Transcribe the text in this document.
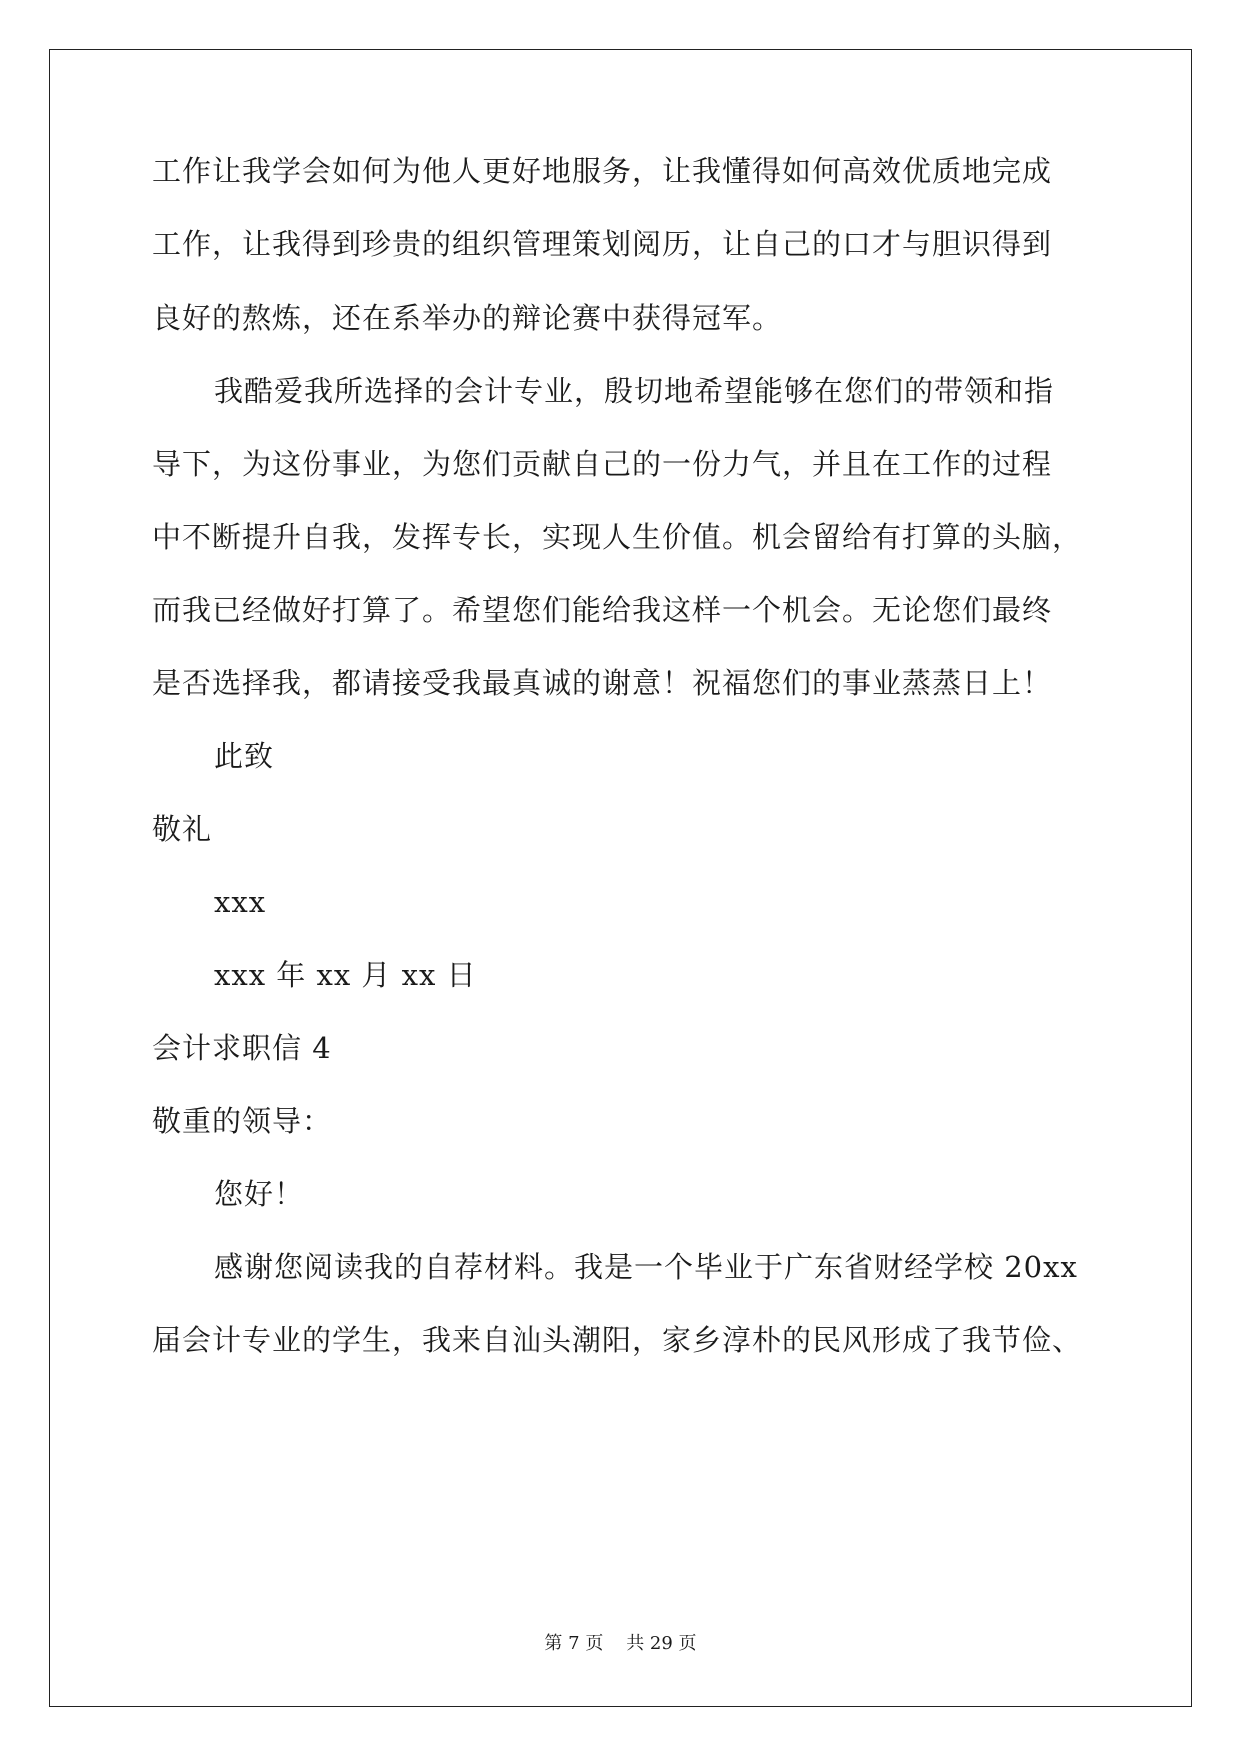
工作让我学会如何为他人更好地服务，让我懂得如何高效优质地完成
工作，让我得到珍贵的组织管理策划阅历，让自己的口才与胆识得到
良好的熬炼，还在系举办的辩论赛中获得冠军。
我酷爱我所选择的会计专业，殷切地希望能够在您们的带领和指
导下，为这份事业，为您们贡献自己的一份力气，并且在工作的过程
中不断提升自我，发挥专长，实现人生价值。机会留给有打算的头脑，
而我已经做好打算了。希望您们能给我这样一个机会。无论您们最终
是否选择我，都请接受我最真诚的谢意！祝福您们的事业蒸蒸日上！
此致
敬礼
xxx
xxx 年 xx 月 xx 日
会计求职信 4
敬重的领导：
您好！
感谢您阅读我的自荐材料。我是一个毕业于广东省财经学校 20xx
届会计专业的学生，我来自汕头潮阳，家乡淳朴的民风形成了我节俭、
第 7 页    共 29 页
